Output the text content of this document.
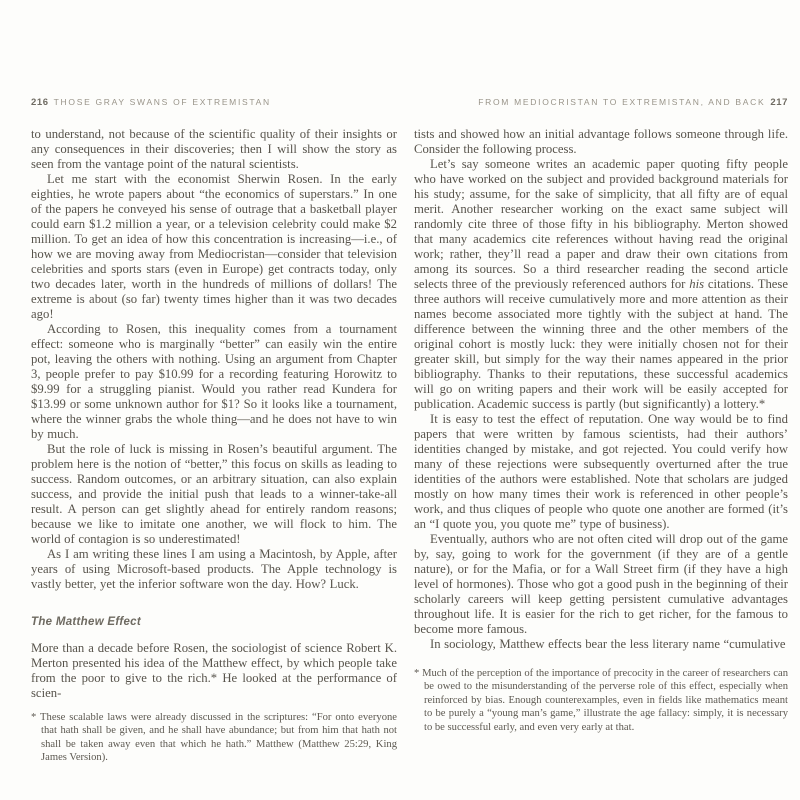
216 THOSE GRAY SWANS OF EXTREMISTAN

to understand, not because of the scientific quality of their insights or any consequences in their discoveries; then I will show the story as seen from the vantage point of the natural scientists.

Let me start with the economist Sherwin Rosen. In the early eighties, he wrote papers about “the economics of superstars.” In one of the papers he conveyed his sense of outrage that a basketball player could earn $1.2 million a year, or a television celebrity could make $2 million. To get an idea of how this concentration is increasing—i.e., of how we are moving away from Mediocristan—consider that television celebrities and sports stars (even in Europe) get contracts today, only two decades later, worth in the hundreds of millions of dollars! The extreme is about (so far) twenty times higher than it was two decades ago!

According to Rosen, this inequality comes from a tournament effect: someone who is marginally “better” can easily win the entire pot, leaving the others with nothing. Using an argument from Chapter 3, people prefer to pay $10.99 for a recording featuring Horowitz to $9.99 for a struggling pianist. Would you rather read Kundera for $13.99 or some unknown author for $1? So it looks like a tournament, where the winner grabs the whole thing—and he does not have to win by much.

But the role of luck is missing in Rosen’s beautiful argument. The problem here is the notion of “better,” this focus on skills as leading to success. Random outcomes, or an arbitrary situation, can also explain success, and provide the initial push that leads to a winner-take-all result. A person can get slightly ahead for entirely random reasons; because we like to imitate one another, we will flock to him. The world of contagion is so underestimated!

As I am writing these lines I am using a Macintosh, by Apple, after years of using Microsoft-based products. The Apple technology is vastly better, yet the inferior software won the day. How? Luck.

The Matthew Effect

More than a decade before Rosen, the sociologist of science Robert K. Merton presented his idea of the Matthew effect, by which people take from the poor to give to the rich.* He looked at the performance of scien-

* These scalable laws were already discussed in the scriptures: “For onto everyone that hath shall be given, and he shall have abundance; but from him that hath not shall be taken away even that which he hath.” Matthew (Matthew 25:29, King James Version).

FROM MEDIOCRISTAN TO EXTREMISTAN, AND BACK 217

tists and showed how an initial advantage follows someone through life. Consider the following process.

Let’s say someone writes an academic paper quoting fifty people who have worked on the subject and provided background materials for his study; assume, for the sake of simplicity, that all fifty are of equal merit. Another researcher working on the exact same subject will randomly cite three of those fifty in his bibliography. Merton showed that many academics cite references without having read the original work; rather, they’ll read a paper and draw their own citations from among its sources. So a third researcher reading the second article selects three of the previously referenced authors for his citations. These three authors will receive cumulatively more and more attention as their names become associated more tightly with the subject at hand. The difference between the winning three and the other members of the original cohort is mostly luck: they were initially chosen not for their greater skill, but simply for the way their names appeared in the prior bibliography. Thanks to their reputations, these successful academics will go on writing papers and their work will be easily accepted for publication. Academic success is partly (but significantly) a lottery.*

It is easy to test the effect of reputation. One way would be to find papers that were written by famous scientists, had their authors’ identities changed by mistake, and got rejected. You could verify how many of these rejections were subsequently overturned after the true identities of the authors were established. Note that scholars are judged mostly on how many times their work is referenced in other people’s work, and thus cliques of people who quote one another are formed (it’s an “I quote you, you quote me” type of business).

Eventually, authors who are not often cited will drop out of the game by, say, going to work for the government (if they are of a gentle nature), or for the Mafia, or for a Wall Street firm (if they have a high level of hormones). Those who got a good push in the beginning of their scholarly careers will keep getting persistent cumulative advantages throughout life. It is easier for the rich to get richer, for the famous to become more famous.

In sociology, Matthew effects bear the less literary name “cumulative

* Much of the perception of the importance of precocity in the career of researchers can be owed to the misunderstanding of the perverse role of this effect, especially when reinforced by bias. Enough counterexamples, even in fields like mathematics meant to be purely a “young man’s game,” illustrate the age fallacy: simply, it is necessary to be successful early, and even very early at that.
